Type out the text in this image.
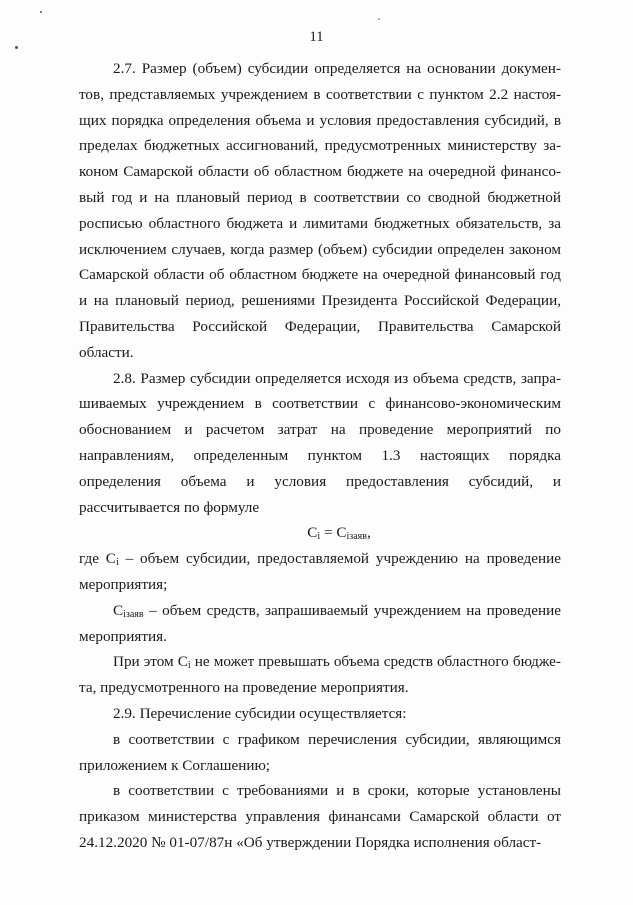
11

2.7. Размер (объем) субсидии определяется на основании документов, представляемых учреждением в соответствии с пунктом 2.2 настоящих порядка определения объема и условия предоставления субсидий, в пределах бюджетных ассигнований, предусмотренных министерству законом Самарской области об областном бюджете на очередной финансовый год и на плановый период в соответствии со сводной бюджетной росписью областного бюджета и лимитами бюджетных обязательств, за исключением случаев, когда размер (объем) субсидии определен законом Самарской области об областном бюджете на очередной финансовый год и на плановый период, решениями Президента Российской Федерации, Правительства Российской Федерации, Правительства Самарской области.

2.8. Размер субсидии определяется исходя из объема средств, запрашиваемых учреждением в соответствии с финансово-экономическим обоснованием и расчетом затрат на проведение мероприятий по направлениям, определенным пунктом 1.3 настоящих порядка определения объема и условия предоставления субсидий, и рассчитывается по формуле

$C_i = C_{iзаяв}$,

где $C_i$ – объем субсидии, предоставляемой учреждению на проведение мероприятия;

$C_{iзаяв}$ – объем средств, запрашиваемый учреждением на проведение мероприятия.

При этом $C_i$ не может превышать объема средств областного бюджета, предусмотренного на проведение мероприятия.

2.9. Перечисление субсидии осуществляется:

в соответствии с графиком перечисления субсидии, являющимся приложением к Соглашению;

в соответствии с требованиями и в сроки, которые установлены приказом министерства управления финансами Самарской области от 24.12.2020 № 01-07/87н «Об утверждении Порядка исполнения област-
